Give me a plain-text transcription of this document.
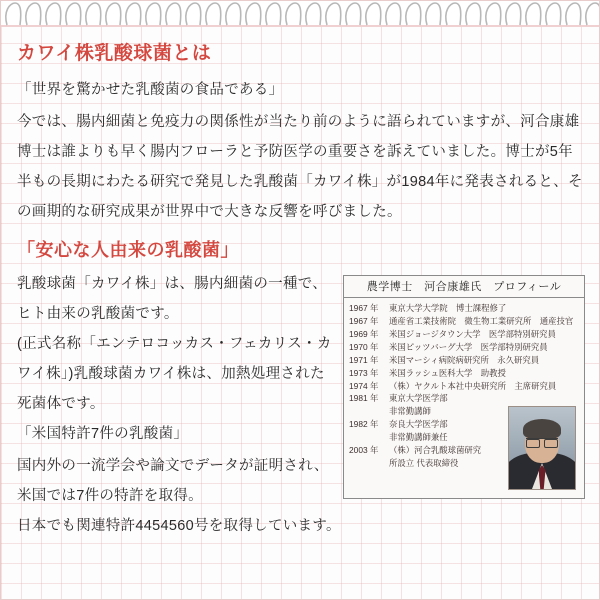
カワイ株乳酸球菌とは

「世界を驚かせた乳酸菌の食品である」

今では、腸内細菌と免疫力の関係性が当たり前のように語られていますが、河合康雄博士は誰よりも早く腸内フローラと予防医学の重要さを訴えていました。博士が5年半もの長期にわたる研究で発見した乳酸菌「カワイ株」が1984年に発表されると、その画期的な研究成果が世界中で大きな反響を呼びました。

「安心な人由来の乳酸菌」
農学博士　河合康雄氏　プロフィール
1967 年	東京大学大学院　博士課程修了
1967 年	通産省工業技術院　微生物工業研究所　通産技官
1969 年	米国ジョージタウン大学　医学部特別研究員
1970 年	米国ピッツバーグ大学　医学部特別研究員
1971 年	米国マーシィ病院病研究所　永久研究員
1973 年	米国ラッシュ医科大学　助教授
1974 年	（株）ヤクルト本社中央研究所　主席研究員
1981 年	東京大学医学部
	非常勤講師
1982 年	奈良大学医学部
	非常勤講師兼任
2003 年	（株）河合乳酸球菌研究
	所設立 代表取締役

乳酸球菌「カワイ株」は、腸内細菌の一種で、ヒト由来の乳酸菌です。

(正式名称「エンテロコッカス・フェカリス・カワイ株」)乳酸球菌カワイ株は、加熱処理された死菌体です。

「米国特許7件の乳酸菌」

国内外の一流学会や論文でデータが証明され、米国では7件の特許を取得。

日本でも関連特許4454560号を取得しています。
